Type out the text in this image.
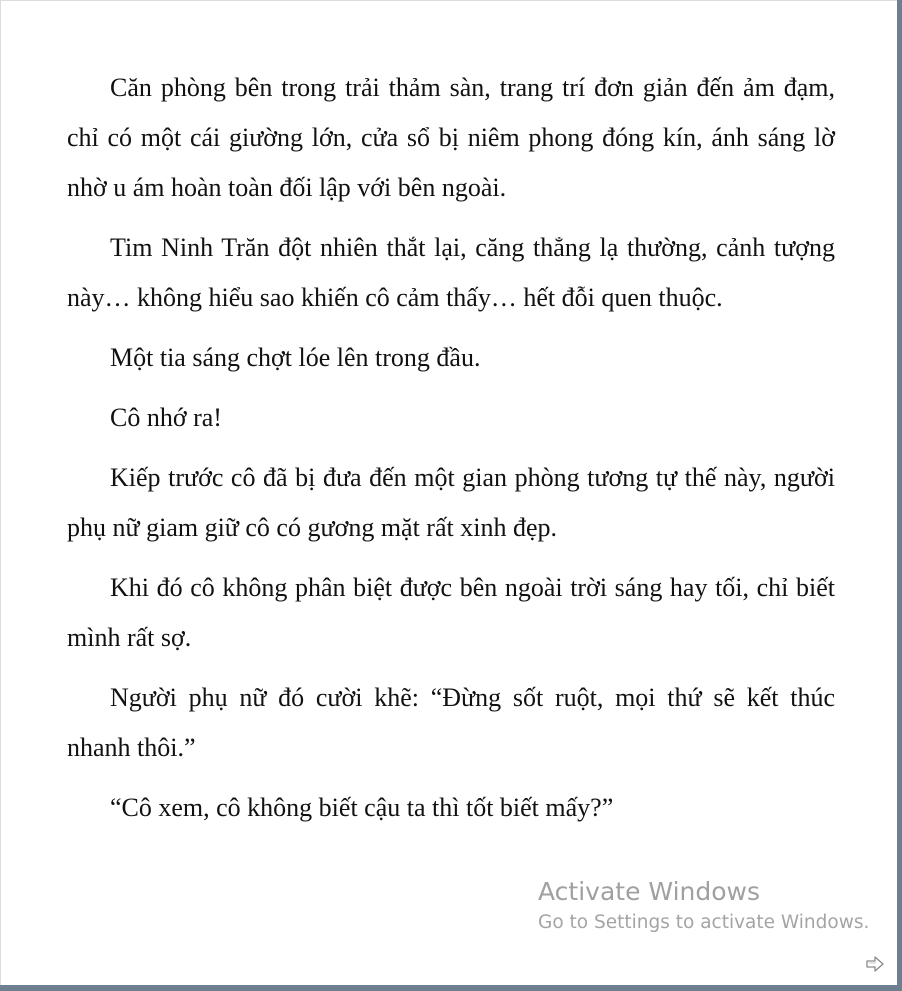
Căn phòng bên trong trải thảm sàn, trang trí đơn giản đến ảm đạm, chỉ có một cái giường lớn, cửa sổ bị niêm phong đóng kín, ánh sáng lờ nhờ u ám hoàn toàn đối lập với bên ngoài.

Tim Ninh Trăn đột nhiên thắt lại, căng thẳng lạ thường, cảnh tượng này… không hiểu sao khiến cô cảm thấy… hết đỗi quen thuộc.

Một tia sáng chợt lóe lên trong đầu.

Cô nhớ ra!

Kiếp trước cô đã bị đưa đến một gian phòng tương tự thế này, người phụ nữ giam giữ cô có gương mặt rất xinh đẹp.

Khi đó cô không phân biệt được bên ngoài trời sáng hay tối, chỉ biết mình rất sợ.

Người phụ nữ đó cười khẽ: “Đừng sốt ruột, mọi thứ sẽ kết thúc nhanh thôi.”

“Cô xem, cô không biết cậu ta thì tốt biết mấy?”

Activate Windows
Go to Settings to activate Windows.
